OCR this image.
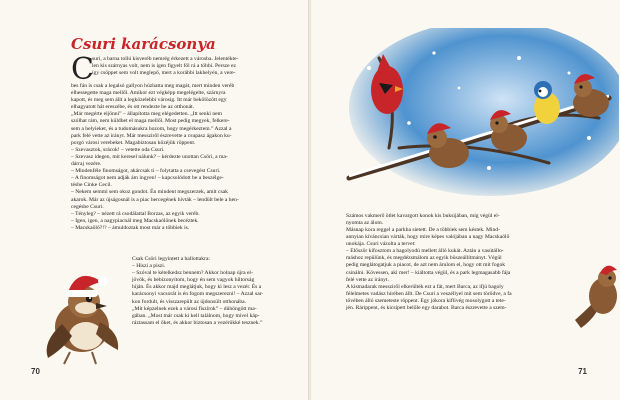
Csuri karácsonya
C

suri, a barna tollú kisveréb nemrég érkezett a városba. Jelentékte-

len kis szárnyas volt, nem is igen figyelt föl rá a többi. Persze ez

így csöppet sem volt meglepő, mert a korábbi lakhelyén, a vere-

bes fán is csak a legalsó gallyon húzhatta meg magát, mert minden veréb

elhessegette maga mellől. Amikor ezt végképp megelégelte, szárnyra

kapott, és meg sem állt a legközelebbi városig. Itt már bekölözött egy

elhagyatott hát ereszébe, és ott rendezte be az otthonát.

„Már megérte eljönni” – állapította meg elégedetten. „Itt senki nem

szólhat rám, nem küldhet el maga mellől. Most pedig megyek, felkere-

sem a helyieket, és a tudomásukra hozom, hogy megérkeztem.” Azzal a

park felé vette az irányt. Már messziről észrevette a csupasz ágakon ku-

porgó városi verebeket. Magabiztosan közéjük röppent.

– Szevasztok, srácok! – vetette oda Csuri.

– Szevasz idegen, mit keresel nálunk? – kérdezte unottan Csöri, a ma-

dárraj vezére.

– Mindenféle finomságot, akárcsak ti – folytatta a csevegést Csuri.

– A finomságot nem adják ám ingyen! – kapcsolódott be a beszélge-

tésbe Cinke Cecil.

– Nekem semmi sem okoz gondot. Én mindent megszerzek, amit csak

akarok. Már az újságosnál is a piac hercegének hívták – lendült bele a hen-

cegésbe Csuri.

– Tényleg? – nézett rá csodálattal Borzas, az egyik veréb.

– Igen, igen, a nagypiacnál meg Macskaólönek becéztek.

– Macskaölő?!? – ámuldoztak most már a többiek is.

Csak Csöri legyintett a hallottakra:

– Hiszi a piszi.

– Szóval te kételkedsz bennem? Akkor holnap újra el-

jövök, és bebizonyítom, hogy én sem vagyok hiltorság

hiján. És akkor majd meglátjuk, hogy ki lesz a vezér. És a

karácsonyi vacsorát is én fogom megszerezni! – Azzal sar-

kon fordult, és visszarepült az újdonsült otthonába.

„Mit képzelnek ezek a városi fiszírok” – dühöngött ma-

gában. „Most már csak ki kell találnom, hogy mivel káp-

ráztassam el őket, és akkor biztosan a vezérükké tesznek.”

70

Számos vakmerő ötlet kavargott konok kis buksijában, míg végül el-

nyomta az álom.

Másnap kora reggel a parkba sietett. De a többiek sem késtek. Mind-

annyian kíváncsian várták, hogy mire képes valójában a nagy Macskaölő

unokája. Csuri vázolta a tervet:

– Először kifosztom a bagolyodú mellett álló kukát. Aztán a vasútállo-

máshoz repülünk, és megdézsmálom az egyik büszeállítmányt. Végül

pedig meglátogatjuk a piacot, de azt nem árulom el, hogy ott mit fogok

csinálni. Kövessen, aki mer! – kiáltotta végül, és a park legmagasabb fája

felé vette az irányt.

A kismadarak messziről elkerülték ezt a fát, mert Barca, az ifjú bagoly

félelmetes vadász hírében állt. De Csuri a veszéllyel mit sem törődve, a fa

tövében álló szemeteste röppent. Egy jókora kiflivég mosolygott a tete-

jén. Rárippent, és kicsípett belőle egy darabot. Barca észrevette a szem-

71
